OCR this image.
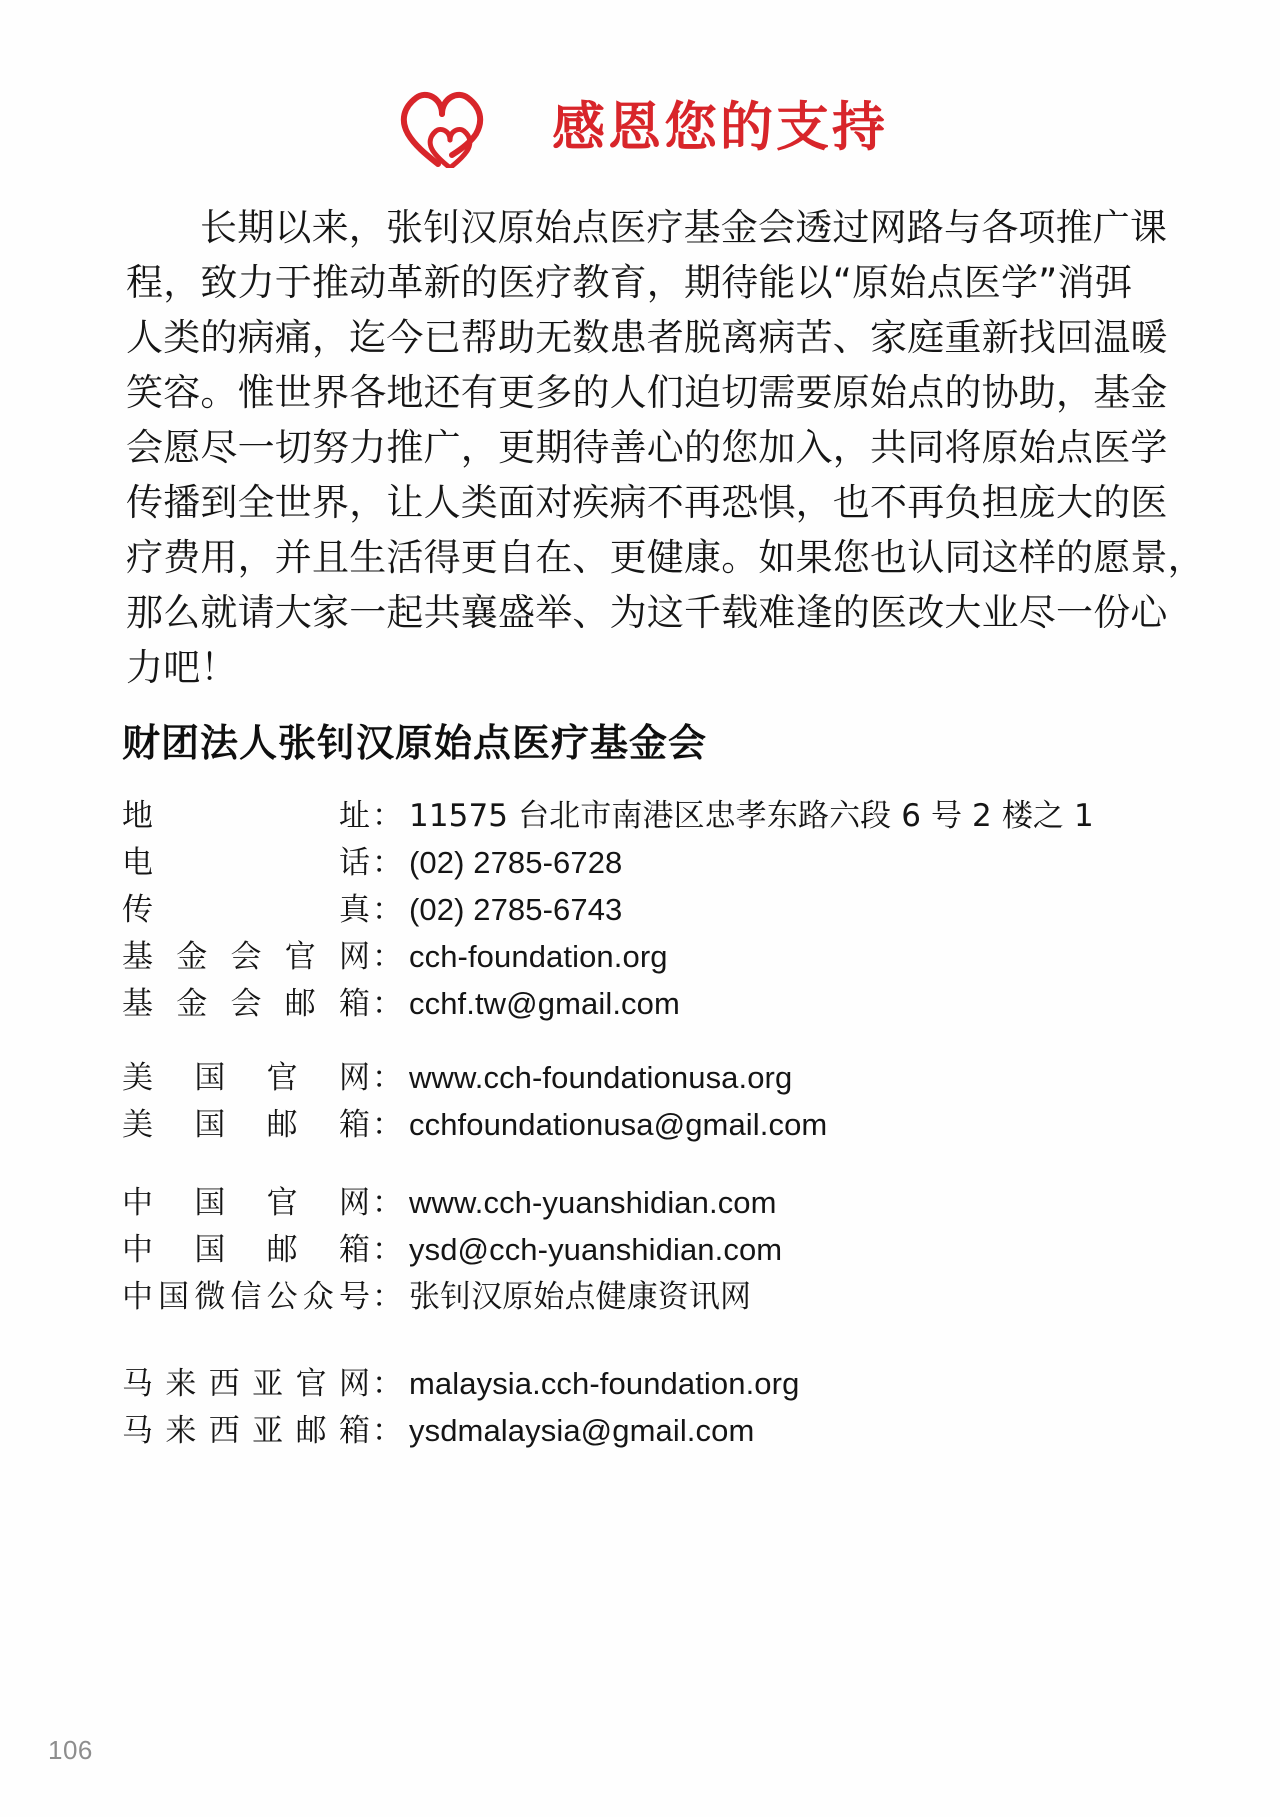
感恩您的支持
长期以来，张钊汉原始点医疗基金会透过网路与各项推广课
程，致力于推动革新的医疗教育，期待能以“原始点医学”消弭
人类的病痛，迄今已帮助无数患者脱离病苦、家庭重新找回温暖
笑容。惟世界各地还有更多的人们迫切需要原始点的协助，基金
会愿尽一切努力推广，更期待善心的您加入，共同将原始点医学
传播到全世界，让人类面对疾病不再恐惧，也不再负担庞大的医
疗费用，并且生活得更自在、更健康。如果您也认同这样的愿景，
那么就请大家一起共襄盛举、为这千载难逢的医改大业尽一份心
力吧！
财团法人张钊汉原始点医疗基金会
地	址 ： 11575 台北市南港区忠孝东路六段 6 号 2 楼之 1
电	话 ： (02) 2785-6728
传	真 ： (02) 2785-6743
基 金 会 官 网 ： cch-foundation.org
基 金 会 邮 箱 ： cchf.tw@gmail.com
美 国 官 网 ： www.cch-foundationusa.org
美 国 邮 箱 ： cchfoundationusa@gmail.com
中 国 官 网 ： www.cch-yuanshidian.com
中 国 邮 箱 ： ysd@cch-yuanshidian.com
中 国 微 信 公 众 号 ： 张钊汉原始点健康资讯网
马 来 西 亚 官 网 ： malaysia.cch-foundation.org
马 来 西 亚 邮 箱 ： ysdmalaysia@gmail.com
106
